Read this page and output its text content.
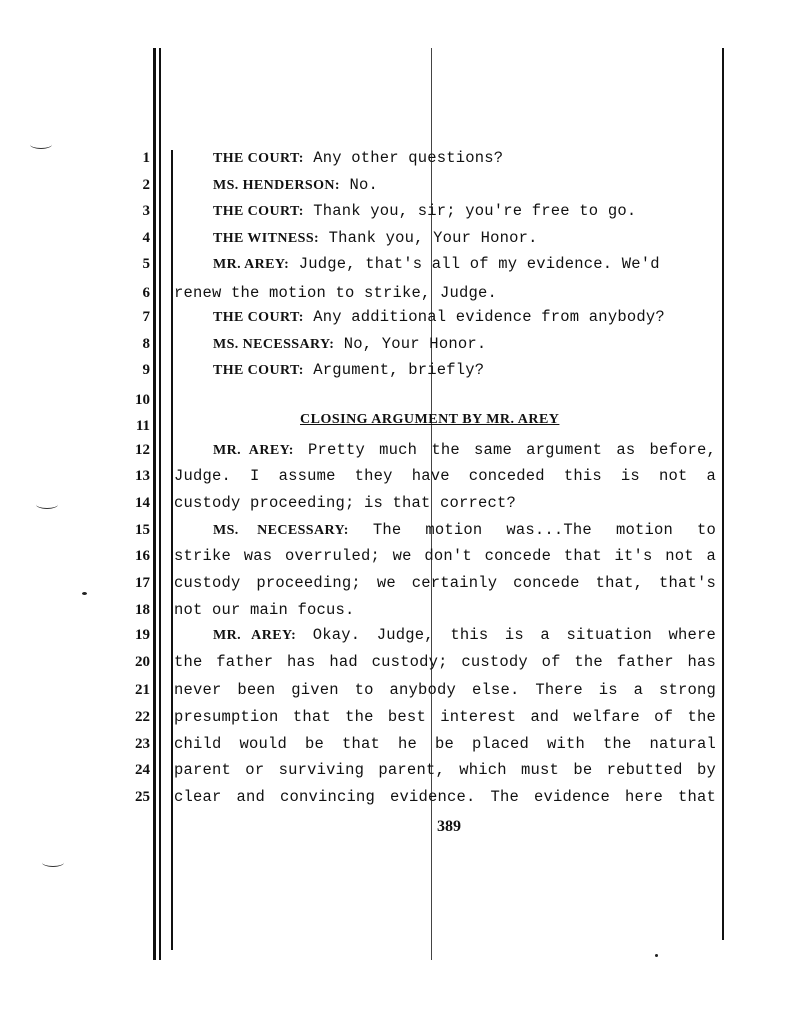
1	THE COURT: Any other questions?
2	MS. HENDERSON: No.
3	THE COURT: Thank you, sir; you're free to go.
4	THE WITNESS: Thank you, Your Honor.
5	MR. AREY: Judge, that's all of my evidence. We'd
6 renew the motion to strike, Judge.
7	THE COURT: Any additional evidence from anybody?
8	MS. NECESSARY: No, Your Honor.
9	THE COURT: Argument, briefly?
10
11
12	MR. AREY: Pretty much the same argument as before,
13 Judge. I assume they have conceded this is not a
14 custody proceeding; is that correct?
15	MS. NECESSARY: The motion was...The motion to
16 strike was overruled; we don't concede that it's not a
17 custody proceeding; we certainly concede that, that's
18 not our main focus.
19	MR. AREY: Okay. Judge, this is a situation where
20 the father has had custody; custody of the father has
21 never been given to anybody else. There is a strong
22 presumption that the best interest and welfare of the
23 child would be that he be placed with the natural
24 parent or surviving parent, which must be rebutted by
25 clear and convincing evidence. The evidence here that
CLOSING ARGUMENT BY MR. AREY
389
